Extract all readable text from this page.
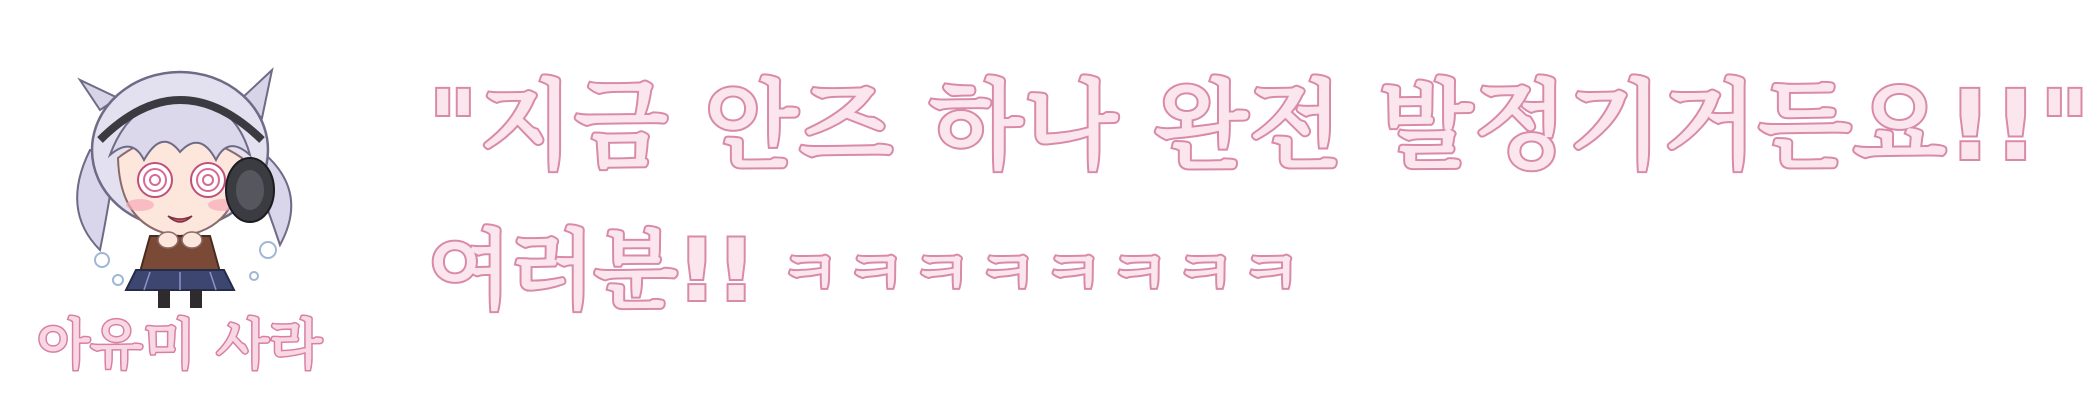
아유미 사라
"지금 안즈 하나 완전 발정기거든요!!"
여러분!! ㅋㅋㅋㅋㅋㅋㅋㅋ
